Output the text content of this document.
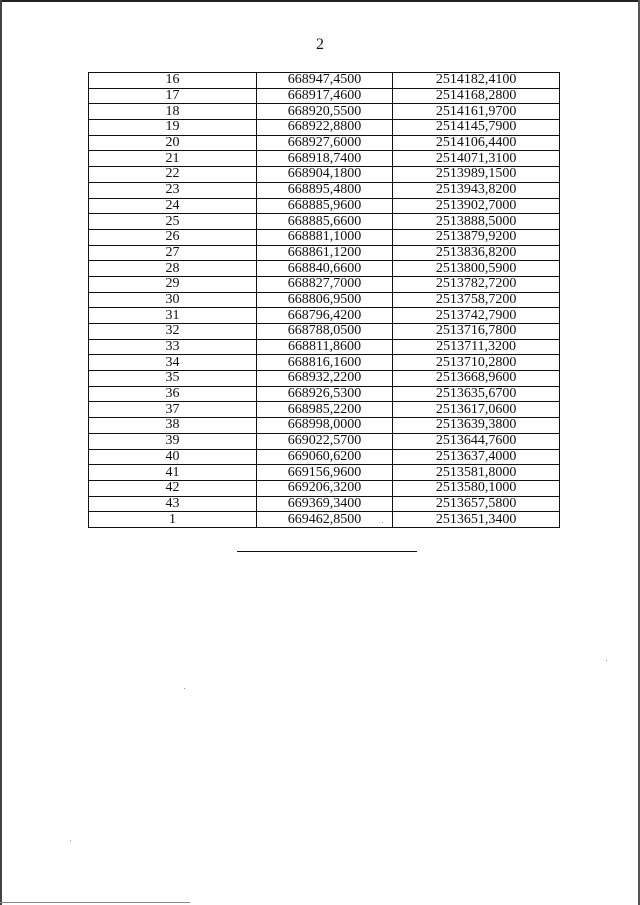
2
16	668947,4500	2514182,4100
17	668917,4600	2514168,2800
18	668920,5500	2514161,9700
19	668922,8800	2514145,7900
20	668927,6000	2514106,4400
21	668918,7400	2514071,3100
22	668904,1800	2513989,1500
23	668895,4800	2513943,8200
24	668885,9600	2513902,7000
25	668885,6600	2513888,5000
26	668881,1000	2513879,9200
27	668861,1200	2513836,8200
28	668840,6600	2513800,5900
29	668827,7000	2513782,7200
30	668806,9500	2513758,7200
31	668796,4200	2513742,7900
32	668788,0500	2513716,7800
33	668811,8600	2513711,3200
34	668816,1600	2513710,2800
35	668932,2200	2513668,9600
36	668926,5300	2513635,6700
37	668985,2200	2513617,0600
38	668998,0000	2513639,3800
39	669022,5700	2513644,7600
40	669060,6200	2513637,4000
41	669156,9600	2513581,8000
42	669206,3200	2513580,1000
43	669369,3400	2513657,5800
1	669462,8500	2513651,3400
